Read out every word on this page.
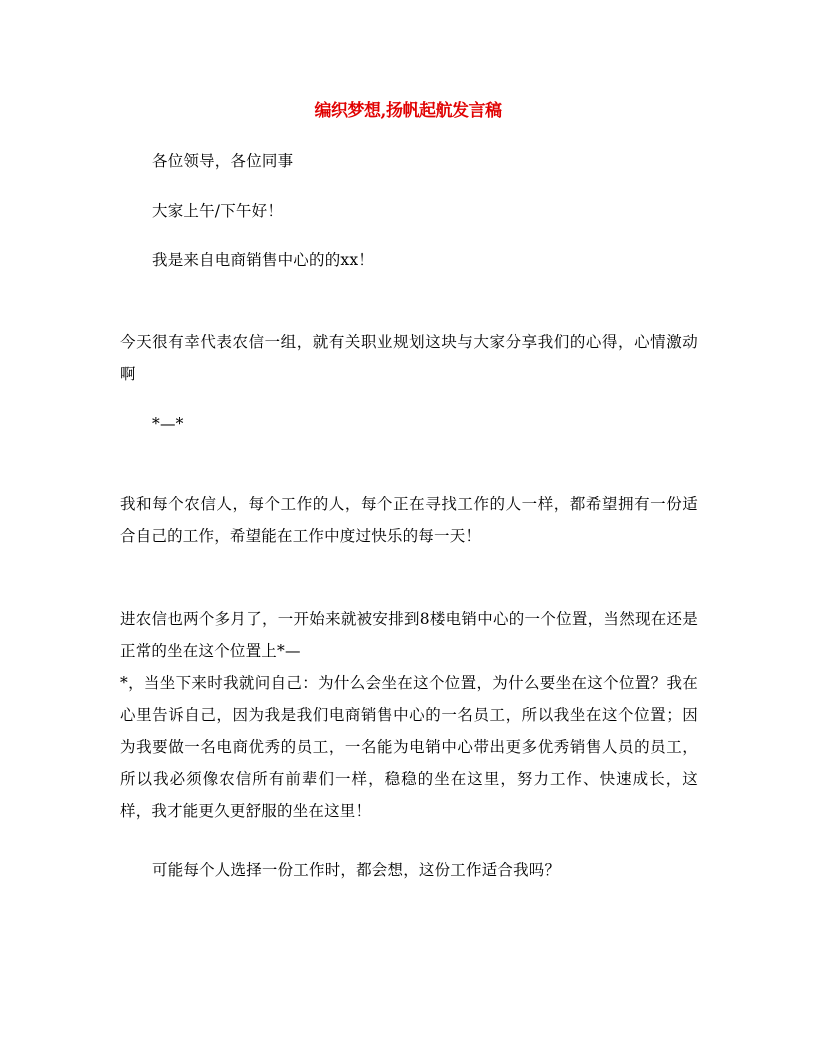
编织梦想,扬帆起航发言稿

各位领导，各位同事

大家上午/下午好！

我是来自电商销售中心的的xx！

今天很有幸代表农信一组，就有关职业规划这块与大家分享我们的心得，心情激动啊

*—*

我和每个农信人，每个工作的人，每个正在寻找工作的人一样，都希望拥有一份适合自己的工作，希望能在工作中度过快乐的每一天！

进农信也两个多月了，一开始来就被安排到8楼电销中心的一个位置，当然现在还是正常的坐在这个位置上*—

*，当坐下来时我就问自己：为什么会坐在这个位置，为什么要坐在这个位置？我在心里告诉自己，因为我是我们电商销售中心的一名员工，所以我坐在这个位置；因为我要做一名电商优秀的员工，一名能为电销中心带出更多优秀销售人员的员工，所以我必须像农信所有前辈们一样，稳稳的坐在这里，努力工作、快速成长，这样，我才能更久更舒服的坐在这里！

可能每个人选择一份工作时，都会想，这份工作适合我吗？
